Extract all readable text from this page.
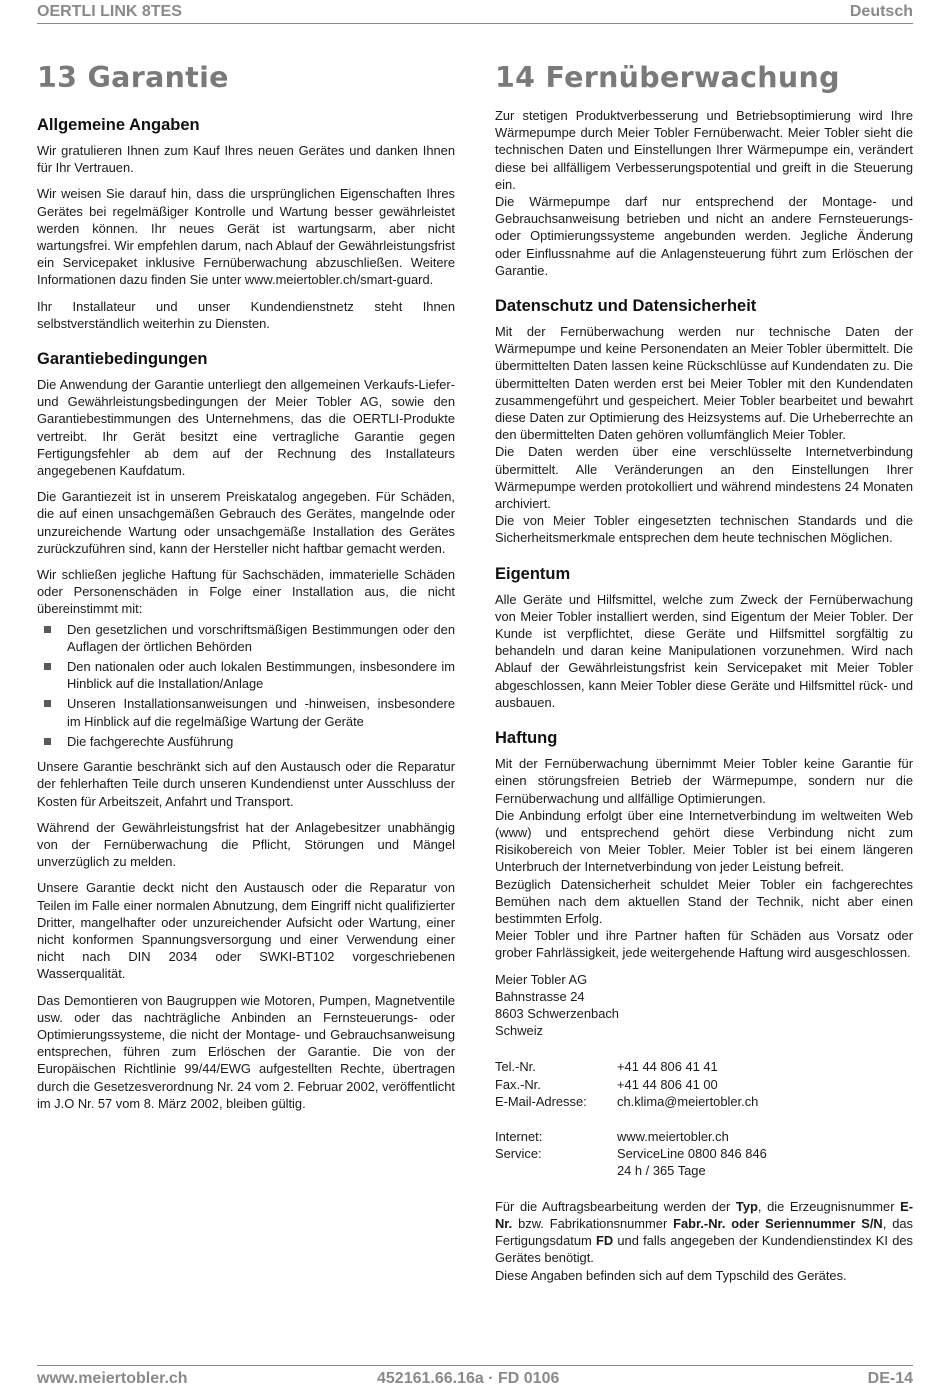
OERTLI LINK 8TES	Deutsch
13 Garantie
Allgemeine Angaben

Wir gratulieren Ihnen zum Kauf Ihres neuen Gerätes und danken Ihnen für Ihr Vertrauen.

Wir weisen Sie darauf hin, dass die ursprünglichen Eigenschaften Ihres Gerätes bei regelmäßiger Kontrolle und Wartung besser gewährleistet werden können. Ihr neues Gerät ist wartungsarm, aber nicht wartungsfrei. Wir empfehlen darum, nach Ablauf der Gewährleistungsfrist ein Servicepaket inklusive Fernüberwachung abzuschließen. Weitere Informationen dazu finden Sie unter www.meiertobler.ch/smart-guard.

Ihr Installateur und unser Kundendienstnetz steht Ihnen selbstverständlich weiterhin zu Diensten.

Garantiebedingungen

Die Anwendung der Garantie unterliegt den allgemeinen Verkaufs-Liefer- und Gewährleistungsbedingungen der Meier Tobler AG, sowie den Garantiebestimmungen des Unternehmens, das die OERTLI-Produkte vertreibt. Ihr Gerät besitzt eine vertragliche Garantie gegen Fertigungsfehler ab dem auf der Rechnung des Installateurs angegebenen Kaufdatum.

Die Garantiezeit ist in unserem Preiskatalog angegeben. Für Schäden, die auf einen unsachgemäßen Gebrauch des Gerätes, mangelnde oder unzureichende Wartung oder unsachgemäße Installation des Gerätes zurückzuführen sind, kann der Hersteller nicht haftbar gemacht werden.

Wir schließen jegliche Haftung für Sachschäden, immaterielle Schäden oder Personenschäden in Folge einer Installation aus, die nicht übereinstimmt mit:

Den gesetzlichen und vorschriftsmäßigen Bestimmungen oder den Auflagen der örtlichen Behörden
Den nationalen oder auch lokalen Bestimmungen, insbesondere im Hinblick auf die Installation/Anlage
Unseren Installationsanweisungen und -hinweisen, insbesondere im Hinblick auf die regelmäßige Wartung der Geräte
Die fachgerechte Ausführung

Unsere Garantie beschränkt sich auf den Austausch oder die Reparatur der fehlerhaften Teile durch unseren Kundendienst unter Ausschluss der Kosten für Arbeitszeit, Anfahrt und Transport.

Während der Gewährleistungsfrist hat der Anlagebesitzer unabhängig von der Fernüberwachung die Pflicht, Störungen und Mängel unverzüglich zu melden.

Unsere Garantie deckt nicht den Austausch oder die Reparatur von Teilen im Falle einer normalen Abnutzung, dem Eingriff nicht qualifizierter Dritter, mangelhafter oder unzureichender Aufsicht oder Wartung, einer nicht konformen Spannungsversorgung und einer Verwendung einer nicht nach DIN 2034 oder SWKI-BT102 vorgeschriebenen Wasserqualität.

Das Demontieren von Baugruppen wie Motoren, Pumpen, Magnetventile usw. oder das nachträgliche Anbinden an Fernsteuerungs- oder Optimierungssysteme, die nicht der Montage- und Gebrauchsanweisung entsprechen, führen zum Erlöschen der Garantie. Die von der Europäischen Richtlinie 99/44/EWG aufgestellten Rechte, übertragen durch die Gesetzesverordnung Nr. 24 vom 2. Februar 2002, veröffentlicht im J.O Nr. 57 vom 8. März 2002, bleiben gültig.

14 Fernüberwachung

Zur stetigen Produktverbesserung und Betriebsoptimierung wird Ihre Wärmepumpe durch Meier Tobler Fernüberwacht. Meier Tobler sieht die technischen Daten und Einstellungen Ihrer Wärmepumpe ein, verändert diese bei allfälligem Verbesserungspotential und greift in die Steuerung ein.

Die Wärmepumpe darf nur entsprechend der Montage- und Gebrauchsanweisung betrieben und nicht an andere Fernsteuerungs- oder Optimierungssysteme angebunden werden. Jegliche Änderung oder Einflussnahme auf die Anlagensteuerung führt zum Erlöschen der Garantie.

Datenschutz und Datensicherheit

Mit der Fernüberwachung werden nur technische Daten der Wärmepumpe und keine Personendaten an Meier Tobler übermittelt. Die übermittelten Daten lassen keine Rückschlüsse auf Kundendaten zu. Die übermittelten Daten werden erst bei Meier Tobler mit den Kundendaten zusammengeführt und gespeichert. Meier Tobler bearbeitet und bewahrt diese Daten zur Optimierung des Heizsystems auf. Die Urheberrechte an den übermittelten Daten gehören vollumfänglich Meier Tobler.

Die Daten werden über eine verschlüsselte Internetverbindung übermittelt. Alle Veränderungen an den Einstellungen Ihrer Wärmepumpe werden protokolliert und während mindestens 24 Monaten archiviert.

Die von Meier Tobler eingesetzten technischen Standards und die Sicherheitsmerkmale entsprechen dem heute technischen Möglichen.

Eigentum

Alle Geräte und Hilfsmittel, welche zum Zweck der Fernüberwachung von Meier Tobler installiert werden, sind Eigentum der Meier Tobler. Der Kunde ist verpflichtet, diese Geräte und Hilfsmittel sorgfältig zu behandeln und daran keine Manipulationen vorzunehmen. Wird nach Ablauf der Gewährleistungsfrist kein Servicepaket mit Meier Tobler abgeschlossen, kann Meier Tobler diese Geräte und Hilfsmittel rück- und ausbauen.

Haftung

Mit der Fernüberwachung übernimmt Meier Tobler keine Garantie für einen störungsfreien Betrieb der Wärmepumpe, sondern nur die Fernüberwachung und allfällige Optimierungen.

Die Anbindung erfolgt über eine Internetverbindung im weltweiten Web (www) und entsprechend gehört diese Verbindung nicht zum Risikobereich von Meier Tobler. Meier Tobler ist bei einem längeren Unterbruch der Internetverbindung von jeder Leistung befreit.

Bezüglich Datensicherheit schuldet Meier Tobler ein fachgerechtes Bemühen nach dem aktuellen Stand der Technik, nicht aber einen bestimmten Erfolg.

Meier Tobler und ihre Partner haften für Schäden aus Vorsatz oder grober Fahrlässigkeit, jede weitergehende Haftung wird ausgeschlossen.

Meier Tobler AG
Bahnstrasse 24
8603 Schwerzenbach
Schweiz
Tel.-Nr.	+41 44 806 41 41
Fax.-Nr.	+41 44 806 41 00
E-Mail-Adresse:	ch.klima@meiertobler.ch
Internet:	www.meiertobler.ch
Service:	ServiceLine 0800 846 846
	24 h / 365 Tage

Für die Auftragsbearbeitung werden der Typ, die Erzeugnisnummer E-Nr. bzw. Fabrikationsnummer Fabr.-Nr. oder Seriennummer S/N, das Fertigungsdatum FD und falls angegeben der Kundendienstindex KI des Gerätes benötigt.

Diese Angaben befinden sich auf dem Typschild des Gerätes.

www.meiertobler.ch	452161.66.16a · FD 0106	DE-14
